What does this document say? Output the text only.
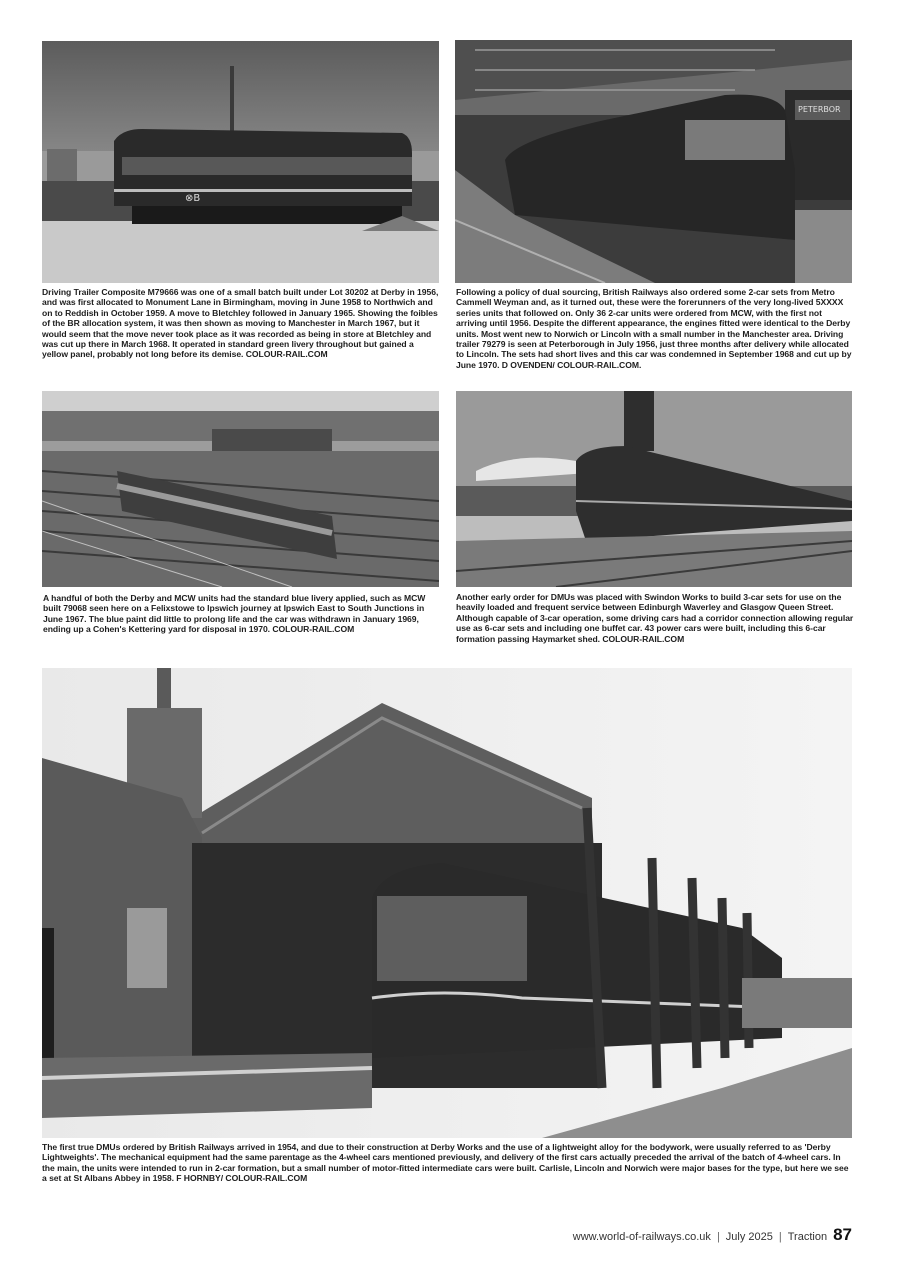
⊗B

Driving Trailer Composite M79666 was one of a small batch built under Lot 30202 at Derby in 1956, and was first allocated to Monument Lane in Birmingham, moving in June 1958 to Northwich and on to Reddish in October 1959. A move to Bletchley followed in January 1965. Showing the foibles of the BR allocation system, it was then shown as moving to Manchester in March 1967, but it would seem that the move never took place as it was recorded as being in store at Bletchley and was cut up there in March 1968. It operated in standard green livery throughout but gained a yellow panel, probably not long before its demise. COLOUR-RAIL.COM

PETERBOR

Following a policy of dual sourcing, British Railways also ordered some 2-car sets from Metro Cammell Weyman and, as it turned out, these were the forerunners of the very long-lived 5XXXX series units that followed on. Only 36 2-car units were ordered from MCW, with the first not arriving until 1956. Despite the different appearance, the engines fitted were identical to the Derby units. Most went new to Norwich or Lincoln with a small number in the Manchester area. Driving trailer 79279 is seen at Peterborough in July 1956, just three months after delivery while allocated to Lincoln. The sets had short lives and this car was condemned in September 1968 and cut up by June 1970. D OVENDEN/ COLOUR-RAIL.COM.

A handful of both the Derby and MCW units had the standard blue livery applied, such as MCW built 79068 seen here on a Felixstowe to Ipswich journey at Ipswich East to South Junctions in June 1967. The blue paint did little to prolong life and the car was withdrawn in January 1969, ending up a Cohen's Kettering yard for disposal in 1970. COLOUR-RAIL.COM

Another early order for DMUs was placed with Swindon Works to build 3-car sets for use on the heavily loaded and frequent service between Edinburgh Waverley and Glasgow Queen Street. Although capable of 3-car operation, some driving cars had a corridor connection allowing regular use as 6-car sets and including one buffet car. 43 power cars were built, including this 6-car formation passing Haymarket shed. COLOUR-RAIL.COM

The first true DMUs ordered by British Railways arrived in 1954, and due to their construction at Derby Works and the use of a lightweight alloy for the bodywork, were usually referred to as 'Derby Lightweights'. The mechanical equipment had the same parentage as the 4-wheel cars mentioned previously, and delivery of the first cars actually preceded the arrival of the batch of 4-wheel cars. In the main, the units were intended to run in 2-car formation, but a small number of motor-fitted intermediate cars were built. Carlisle, Lincoln and Norwich were major bases for the type, but here we see a set at St Albans Abbey in 1958. F HORNBY/ COLOUR-RAIL.COM

www.world-of-railways.co.uk | July 2025 | Traction 87
